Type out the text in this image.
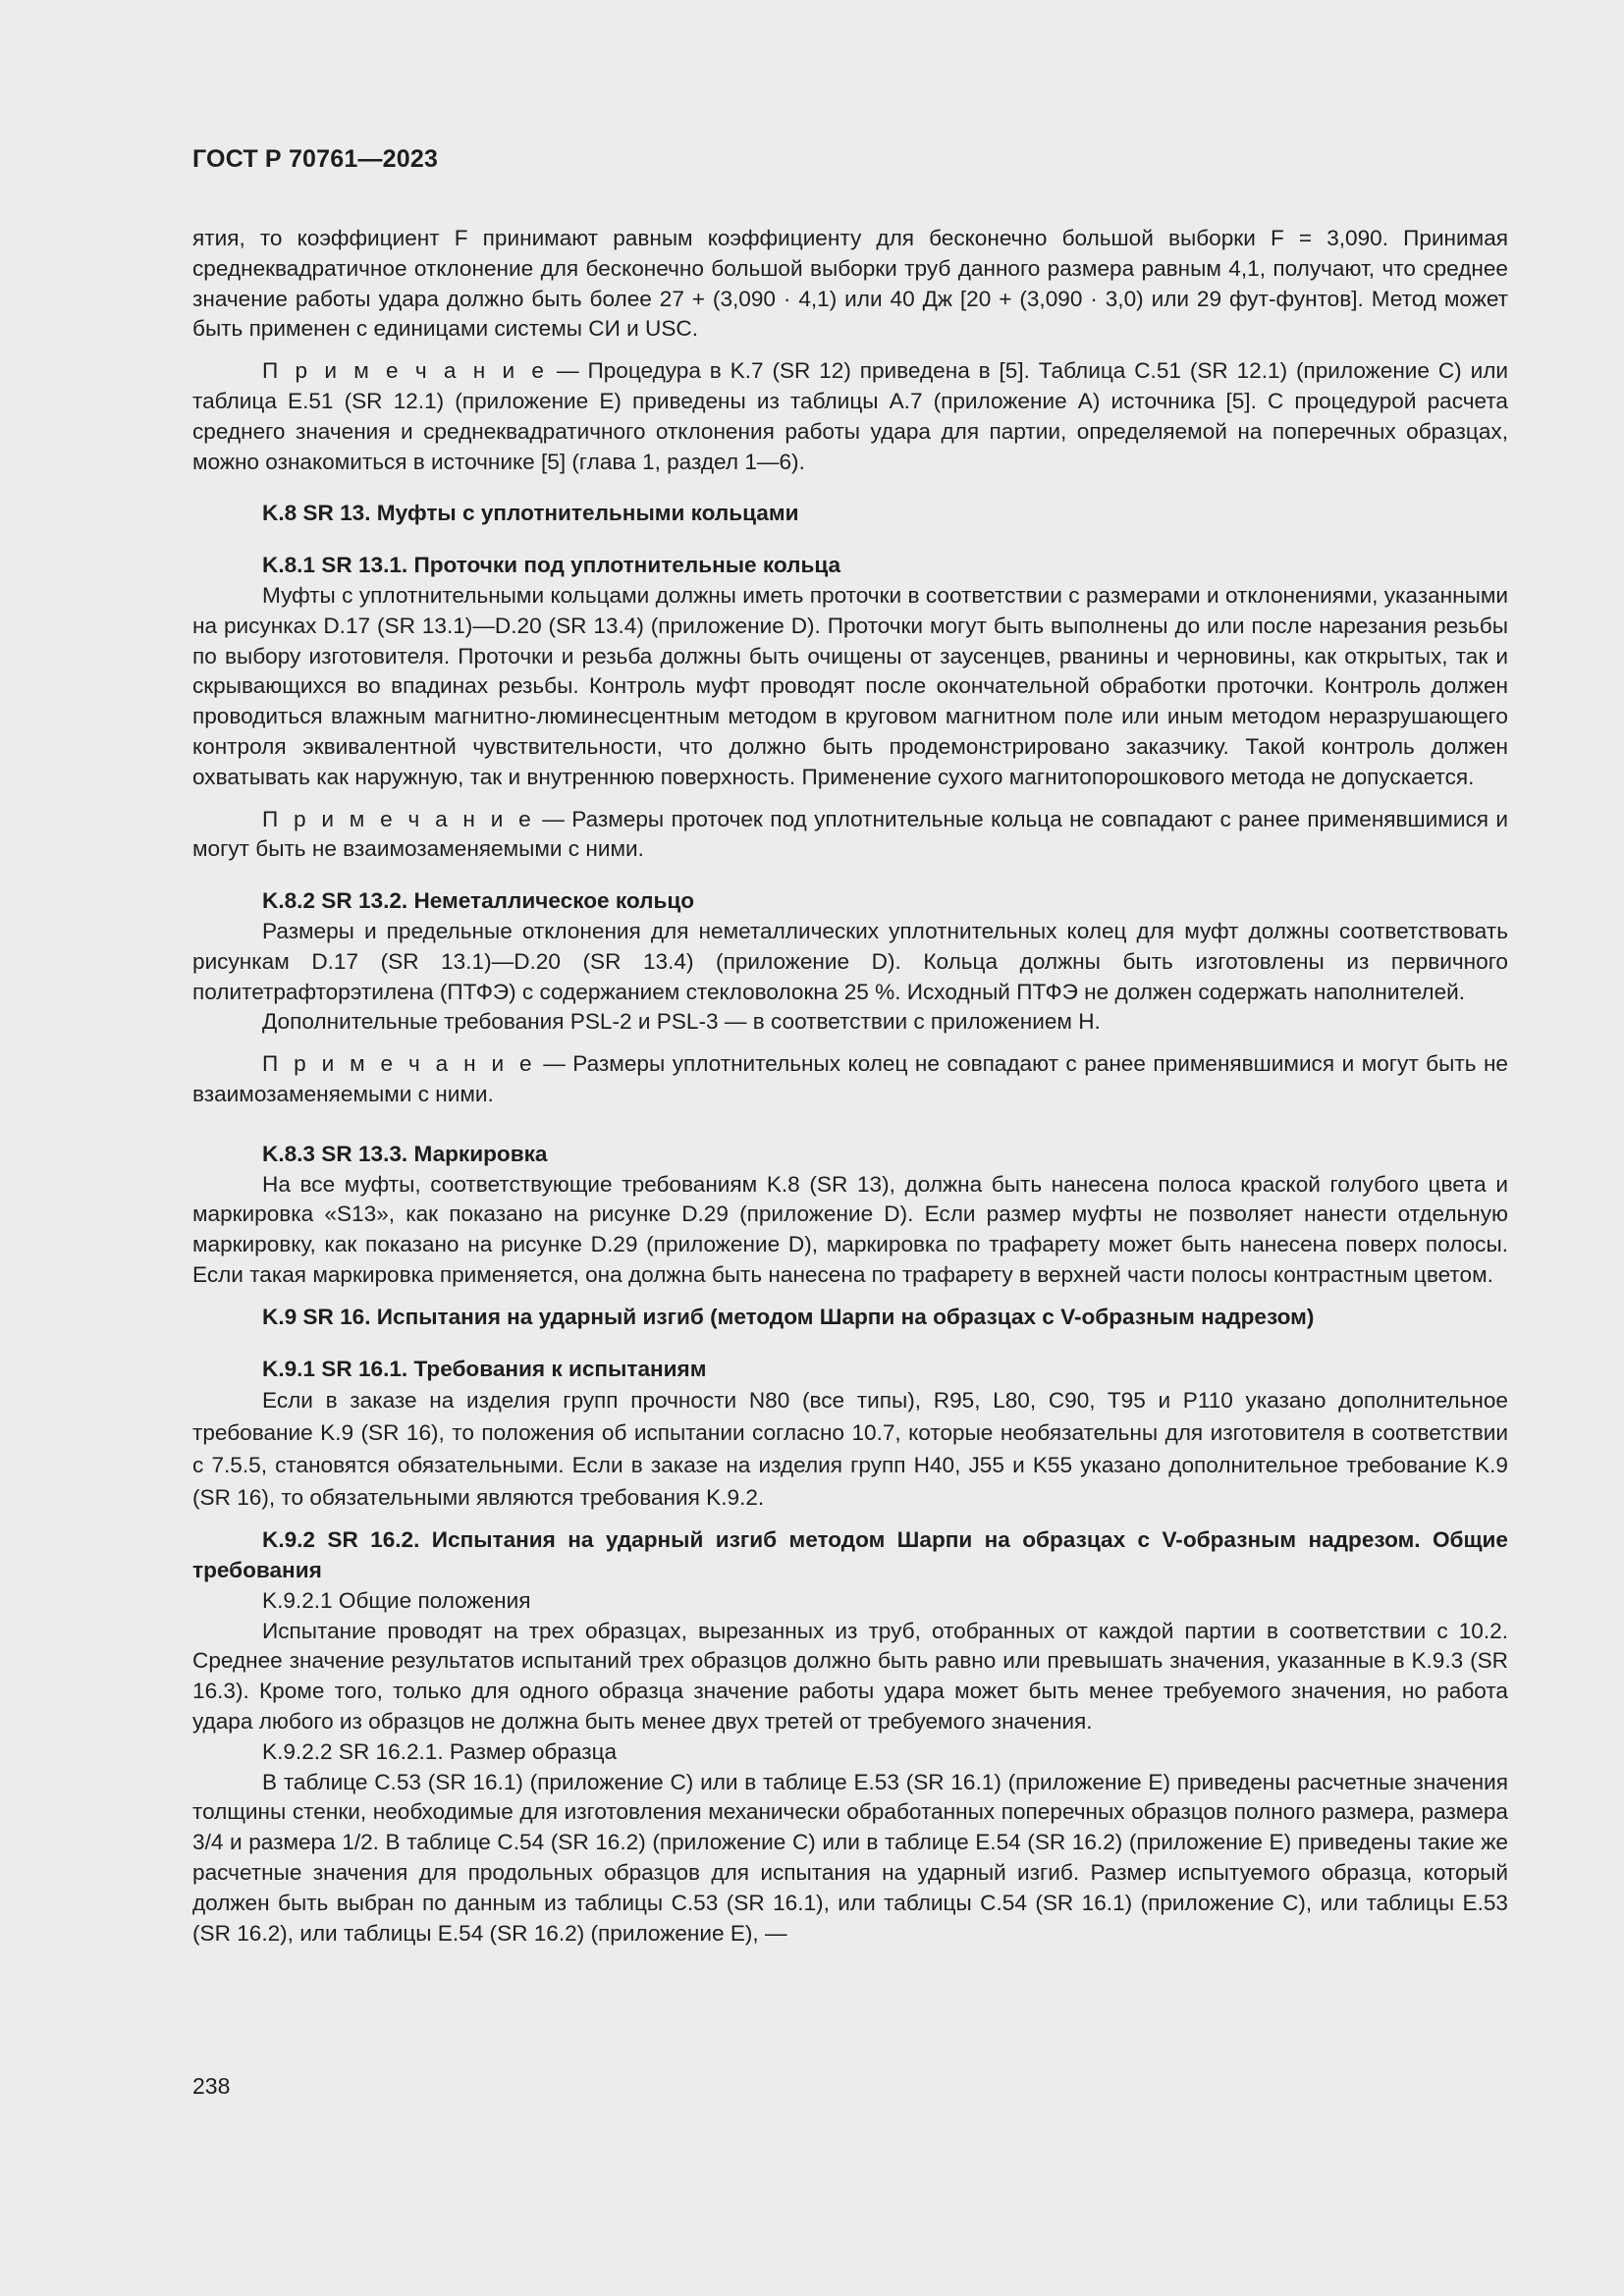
ГОСТ Р 70761—2023

ятия, то коэффициент F принимают равным коэффициенту для бесконечно большой выборки F = 3,090. Принимая среднеквадратичное отклонение для бесконечно большой выборки труб данного размера равным 4,1, получают, что среднее значение работы удара должно быть более 27 + (3,090 · 4,1) или 40 Дж [20 + (3,090 · 3,0) или 29 фут-фунтов]. Метод может быть применен с единицами системы СИ и USC.

П р и м е ч а н и е — Процедура в K.7 (SR 12) приведена в [5]. Таблица C.51 (SR 12.1) (приложение C) или таблица E.51 (SR 12.1) (приложение E) приведены из таблицы A.7 (приложение А) источника [5]. С процедурой расчета среднего значения и среднеквадратичного отклонения работы удара для партии, определяемой на поперечных образцах, можно ознакомиться в источнике [5] (глава 1, раздел 1—6).

K.8 SR 13. Муфты с уплотнительными кольцами

K.8.1 SR 13.1. Проточки под уплотнительные кольца

Муфты с уплотнительными кольцами должны иметь проточки в соответствии с размерами и отклонениями, указанными на рисунках D.17 (SR 13.1)—D.20 (SR 13.4) (приложение D). Проточки могут быть выполнены до или после нарезания резьбы по выбору изготовителя. Проточки и резьба должны быть очищены от заусенцев, рванины и черновины, как открытых, так и скрывающихся во впадинах резьбы. Контроль муфт проводят после окончательной обработки проточки. Контроль должен проводиться влажным магнитно-люминесцентным методом в круговом магнитном поле или иным методом неразрушающего контроля эквивалентной чувствительности, что должно быть продемонстрировано заказчику. Такой контроль должен охватывать как наружную, так и внутреннюю поверхность. Применение сухого магнитопорошкового метода не допускается.

П р и м е ч а н и е — Размеры проточек под уплотнительные кольца не совпадают с ранее применявшимися и могут быть не взаимозаменяемыми с ними.

K.8.2 SR 13.2. Неметаллическое кольцо

Размеры и предельные отклонения для неметаллических уплотнительных колец для муфт должны соответствовать рисункам D.17 (SR 13.1)—D.20 (SR 13.4) (приложение D). Кольца должны быть изготовлены из первичного политетрафторэтилена (ПТФЭ) с содержанием стекловолокна 25 %. Исходный ПТФЭ не должен содержать наполнителей.

Дополнительные требования PSL-2 и PSL-3 — в соответствии с приложением H.

П р и м е ч а н и е — Размеры уплотнительных колец не совпадают с ранее применявшимися и могут быть не взаимозаменяемыми с ними.

K.8.3 SR 13.3. Маркировка

На все муфты, соответствующие требованиям K.8 (SR 13), должна быть нанесена полоса краской голубого цвета и маркировка «S13», как показано на рисунке D.29 (приложение D). Если размер муфты не позволяет нанести отдельную маркировку, как показано на рисунке D.29 (приложение D), маркировка по трафарету может быть нанесена поверх полосы. Если такая маркировка применяется, она должна быть нанесена по трафарету в верхней части полосы контрастным цветом.

K.9 SR 16. Испытания на ударный изгиб (методом Шарпи на образцах с V-образным надрезом)

K.9.1 SR 16.1. Требования к испытаниям

Если в заказе на изделия групп прочности N80 (все типы), R95, L80, C90, T95 и P110 указано дополнительное требование K.9 (SR 16), то положения об испытании согласно 10.7, которые необязательны для изготовителя в соответствии с 7.5.5, становятся обязательными. Если в заказе на изделия групп H40, J55 и K55 указано дополнительное требование K.9 (SR 16), то обязательными являются требования K.9.2.

K.9.2 SR 16.2. Испытания на ударный изгиб методом Шарпи на образцах с V-образным надрезом. Общие требования

K.9.2.1 Общие положения

Испытание проводят на трех образцах, вырезанных из труб, отобранных от каждой партии в соответствии с 10.2. Среднее значение результатов испытаний трех образцов должно быть равно или превышать значения, указанные в K.9.3 (SR 16.3). Кроме того, только для одного образца значение работы удара может быть менее требуемого значения, но работа удара любого из образцов не должна быть менее двух третей от требуемого значения.

K.9.2.2 SR 16.2.1. Размер образца

В таблице C.53 (SR 16.1) (приложение C) или в таблице E.53 (SR 16.1) (приложение E) приведены расчетные значения толщины стенки, необходимые для изготовления механически обработанных поперечных образцов полного размера, размера 3/4 и размера 1/2. В таблице C.54 (SR 16.2) (приложение C) или в таблице E.54 (SR 16.2) (приложение E) приведены такие же расчетные значения для продольных образцов для испытания на ударный изгиб. Размер испытуемого образца, который должен быть выбран по данным из таблицы C.53 (SR 16.1), или таблицы C.54 (SR 16.1) (приложение C), или таблицы E.53 (SR 16.2), или таблицы E.54 (SR 16.2) (приложение E), —

238
